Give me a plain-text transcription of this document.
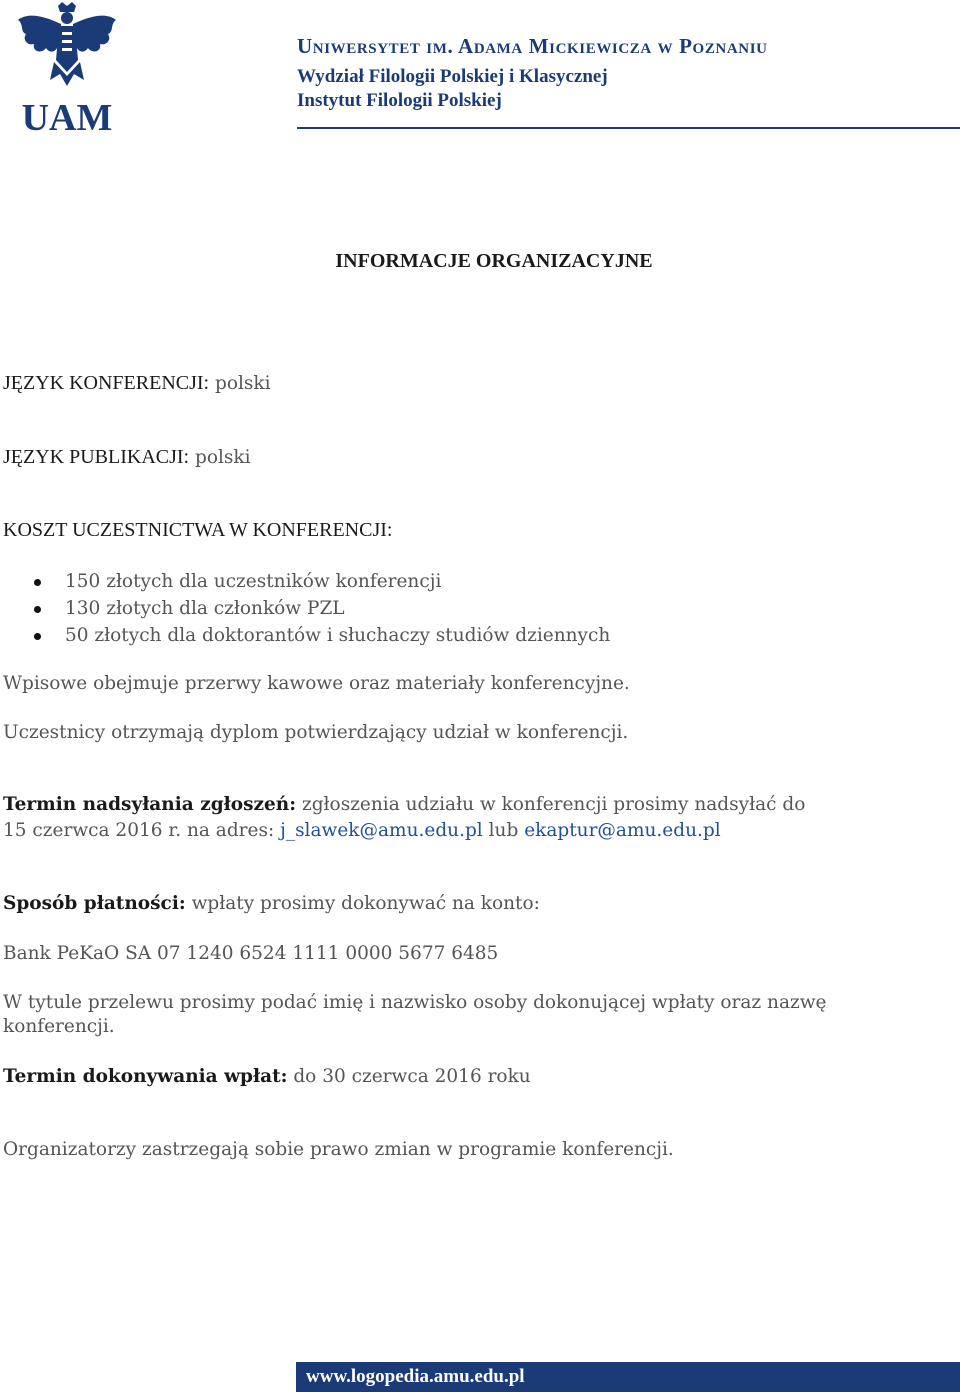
UAM
Uniwersytet im. Adama Mickiewicza w Poznaniu
Wydział Filologii Polskiej i Klasycznej
Instytut Filologii Polskiej
INFORMACJE ORGANIZACYJNE
JĘZYK KONFERENCJI: polski
JĘZYK PUBLIKACJI: polski
KOSZT UCZESTNICTWA W KONFERENCJI:
150 złotych dla uczestników konferencji
130 złotych dla członków PZL
50 złotych dla doktorantów i słuchaczy studiów dziennych
Wpisowe obejmuje przerwy kawowe oraz materiały konferencyjne.
Uczestnicy otrzymają dyplom potwierdzający udział w konferencji.
Termin nadsyłania zgłoszeń: zgłoszenia udziału w konferencji prosimy nadsyłać do
15 czerwca 2016 r. na adres: j_slawek@amu.edu.pl lub ekaptur@amu.edu.pl
Sposób płatności: wpłaty prosimy dokonywać na konto:
Bank PeKaO SA 07 1240 6524 1111 0000 5677 6485
W tytule przelewu prosimy podać imię i nazwisko osoby dokonującej wpłaty oraz nazwę
konferencji.
Termin dokonywania wpłat: do 30 czerwca 2016 roku
Organizatorzy zastrzegają sobie prawo zmian w programie konferencji.
www.logopedia.amu.edu.pl
